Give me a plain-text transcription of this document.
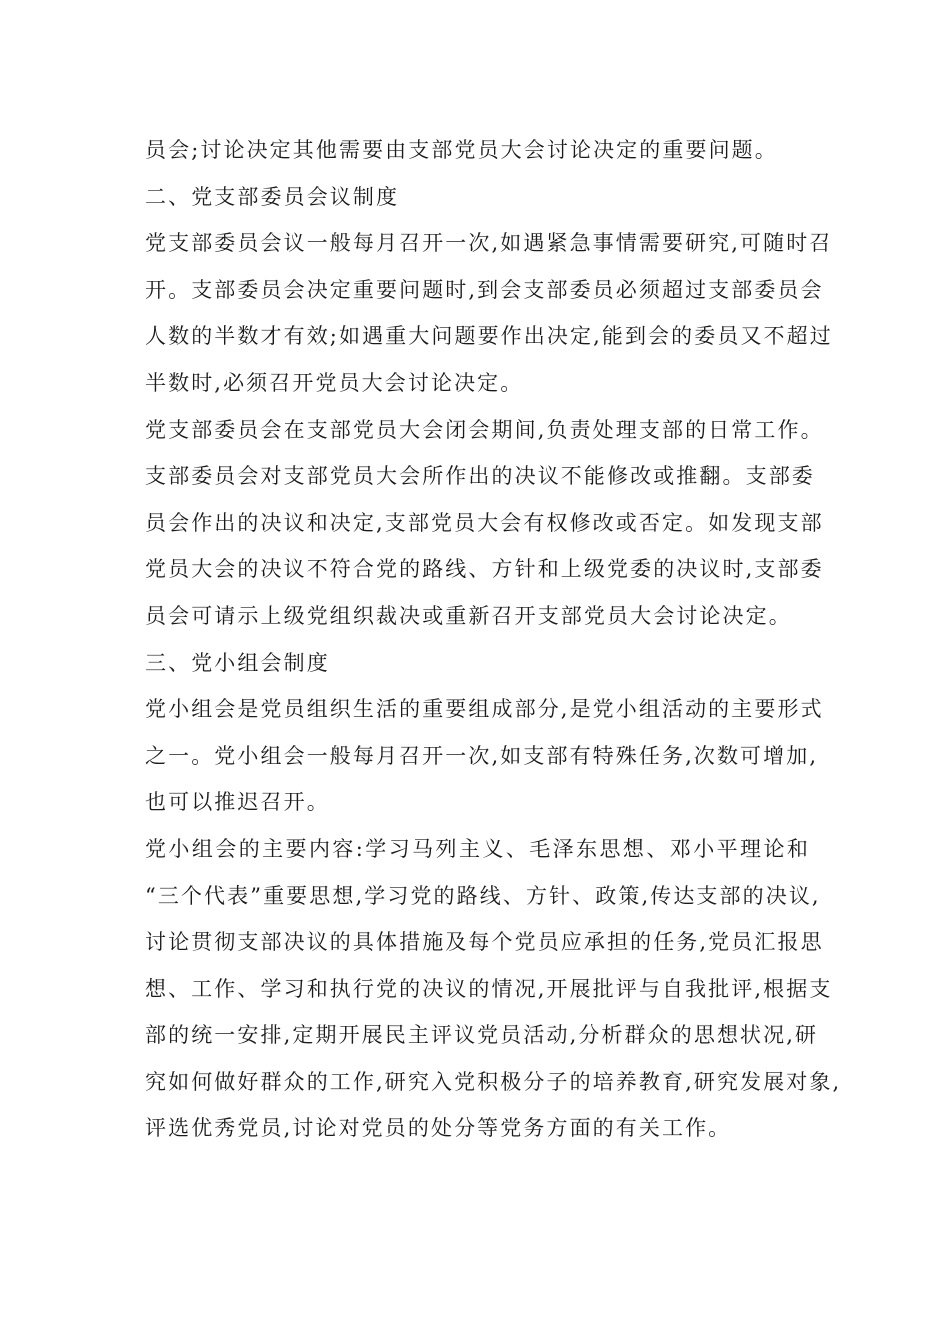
员会;讨论决定其他需要由支部党员大会讨论决定的重要问题。
二、党支部委员会议制度
党支部委员会议一般每月召开一次,如遇紧急事情需要研究,可随时召
开。支部委员会决定重要问题时,到会支部委员必须超过支部委员会
人数的半数才有效;如遇重大问题要作出决定,能到会的委员又不超过
半数时,必须召开党员大会讨论决定。
党支部委员会在支部党员大会闭会期间,负责处理支部的日常工作。
支部委员会对支部党员大会所作出的决议不能修改或推翻。支部委
员会作出的决议和决定,支部党员大会有权修改或否定。如发现支部
党员大会的决议不符合党的路线、方针和上级党委的决议时,支部委
员会可请示上级党组织裁决或重新召开支部党员大会讨论决定。
三、党小组会制度
党小组会是党员组织生活的重要组成部分,是党小组活动的主要形式
之一。党小组会一般每月召开一次,如支部有特殊任务,次数可增加,
也可以推迟召开。
党小组会的主要内容:学习马列主义、毛泽东思想、邓小平理论和
“三个代表”重要思想,学习党的路线、方针、政策,传达支部的决议,
讨论贯彻支部决议的具体措施及每个党员应承担的任务,党员汇报思
想、工作、学习和执行党的决议的情况,开展批评与自我批评,根据支
部的统一安排,定期开展民主评议党员活动,分析群众的思想状况,研
究如何做好群众的工作,研究入党积极分子的培养教育,研究发展对象,
评选优秀党员,讨论对党员的处分等党务方面的有关工作。
